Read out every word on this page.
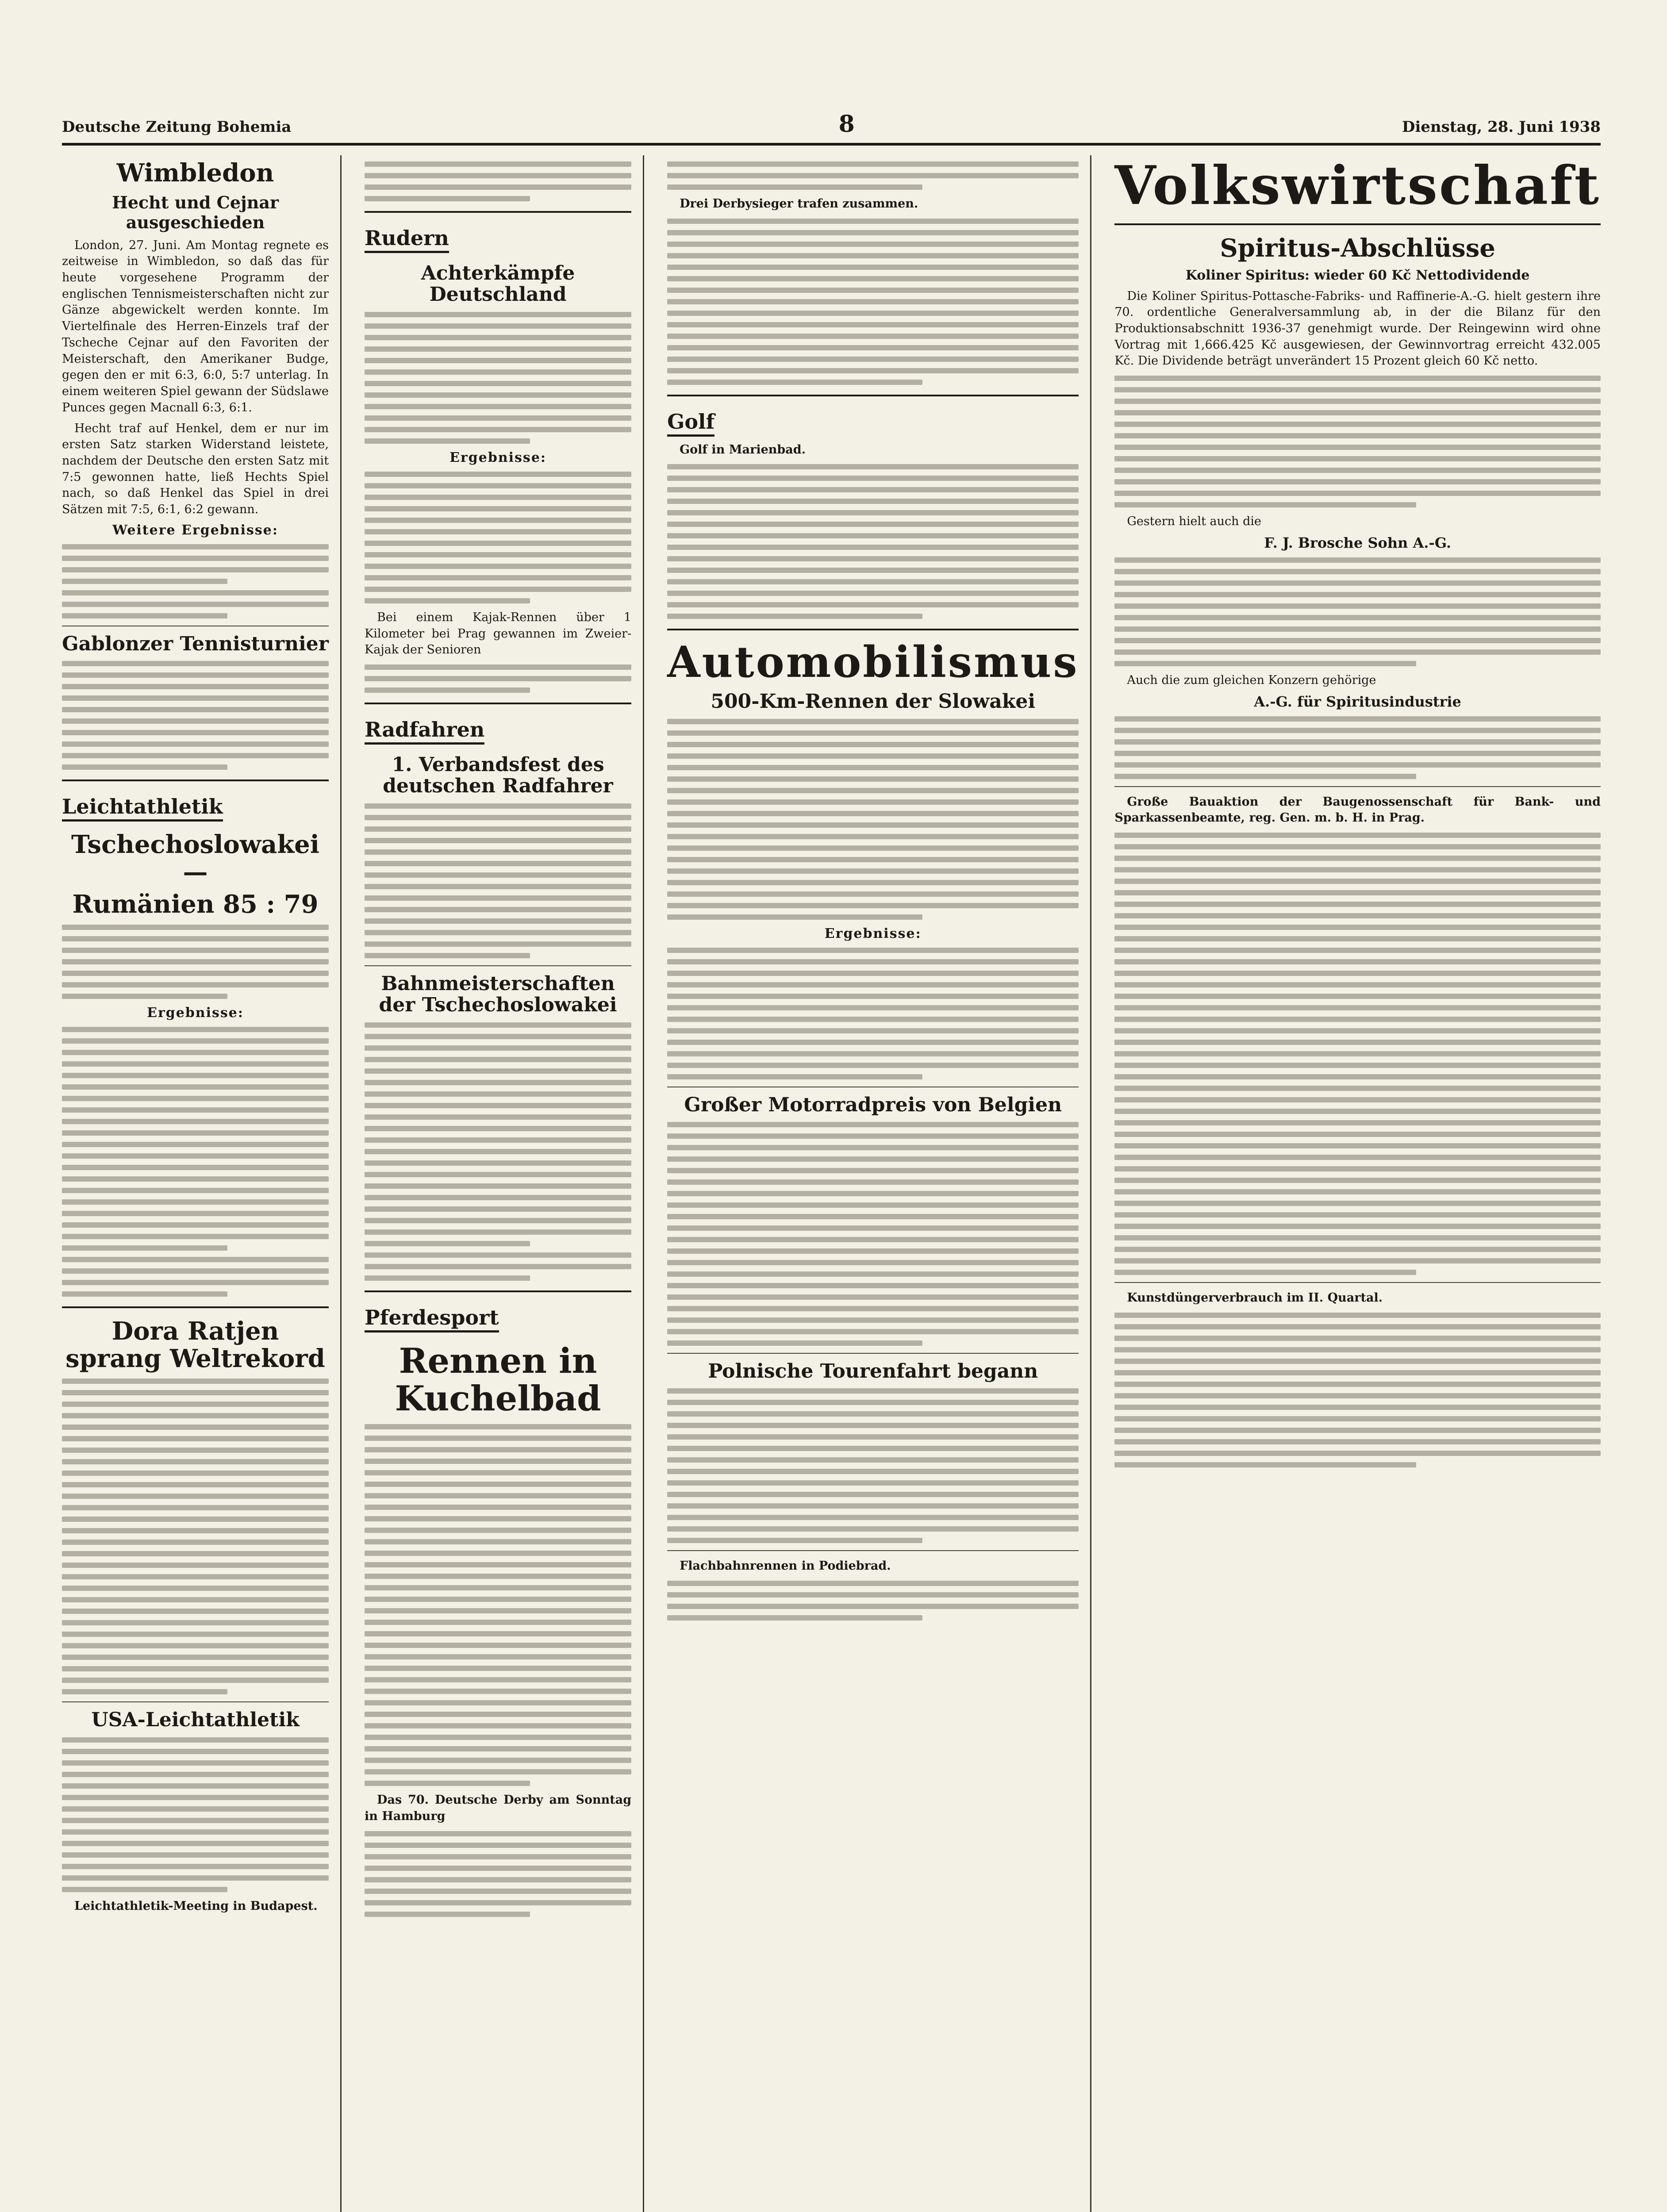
Deutsche Zeitung Bohemia	8	Dienstag, 28. Juni 1938
Wimbledon
Hecht und Cejnar ausgeschieden

London, 27. Juni. Am Montag regnete es zeitweise in Wimbledon, so daß das für heute vorgesehene Programm der englischen Tennismeisterschaften nicht zur Gänze abgewickelt werden konnte. Im Viertelfinale des Herren-Einzels traf der Tscheche Cejnar auf den Favoriten der Meisterschaft, den Amerikaner Budge, gegen den er mit 6:3, 6:0, 5:7 unterlag. In einem weiteren Spiel gewann der Südslawe Punces gegen Macnall 6:3, 6:1.

Hecht traf auf Henkel, dem er nur im ersten Satz starken Widerstand leistete, nachdem der Deutsche den ersten Satz mit 7:5 gewonnen hatte, ließ Hechts Spiel nach, so daß Henkel das Spiel in drei Sätzen mit 7:5, 6:1, 6:2 gewann.

Weitere Ergebnisse:
Gablonzer Tennisturnier
Leichtathletik
Tschechoslowakei —
Rumänien 85 : 79
Ergebnisse:
Dora Ratjen sprang Weltrekord
USA-Leichtathletik

Leichtathletik-Meeting in Budapest.

Rudern
Achterkämpfe Deutschland
Ergebnisse:

Bei einem Kajak-Rennen über 1 Kilometer bei Prag gewannen im Zweier-Kajak der Senioren

Radfahren
1. Verbandsfest des deutschen Radfahrer
Bahnmeisterschaften der Tschechoslowakei
Pferdesport
Rennen in Kuchelbad

Das 70. Deutsche Derby am Sonntag in Hamburg

Drei Derbysieger trafen zusammen.

Golf

Golf in Marienbad.

Automobilismus
500-Km-Rennen der Slowakei
Ergebnisse:
Großer Motorradpreis von Belgien
Polnische Tourenfahrt begann

Flachbahnrennen in Podiebrad.

Volkswirtschaft
Spiritus-Abschlüsse
Koliner Spiritus: wieder 60 Kč Nettodividende

Die Koliner Spiritus-Pottasche-Fabriks- und Raffinerie-A.-G. hielt gestern ihre 70. ordentliche Generalversammlung ab, in der die Bilanz für den Produktionsabschnitt 1936-37 genehmigt wurde. Der Reingewinn wird ohne Vortrag mit 1,666.425 Kč ausgewiesen, der Gewinnvortrag erreicht 432.005 Kč. Die Dividende beträgt unverändert 15 Prozent gleich 60 Kč netto.

Gestern hielt auch die

F. J. Brosche Sohn A.-G.

Auch die zum gleichen Konzern gehörige

A.-G. für Spiritusindustrie

Große Bauaktion der Baugenossenschaft für Bank- und Sparkassenbeamte, reg. Gen. m. b. H. in Prag.

Kunstdüngerverbrauch im II. Quartal.
